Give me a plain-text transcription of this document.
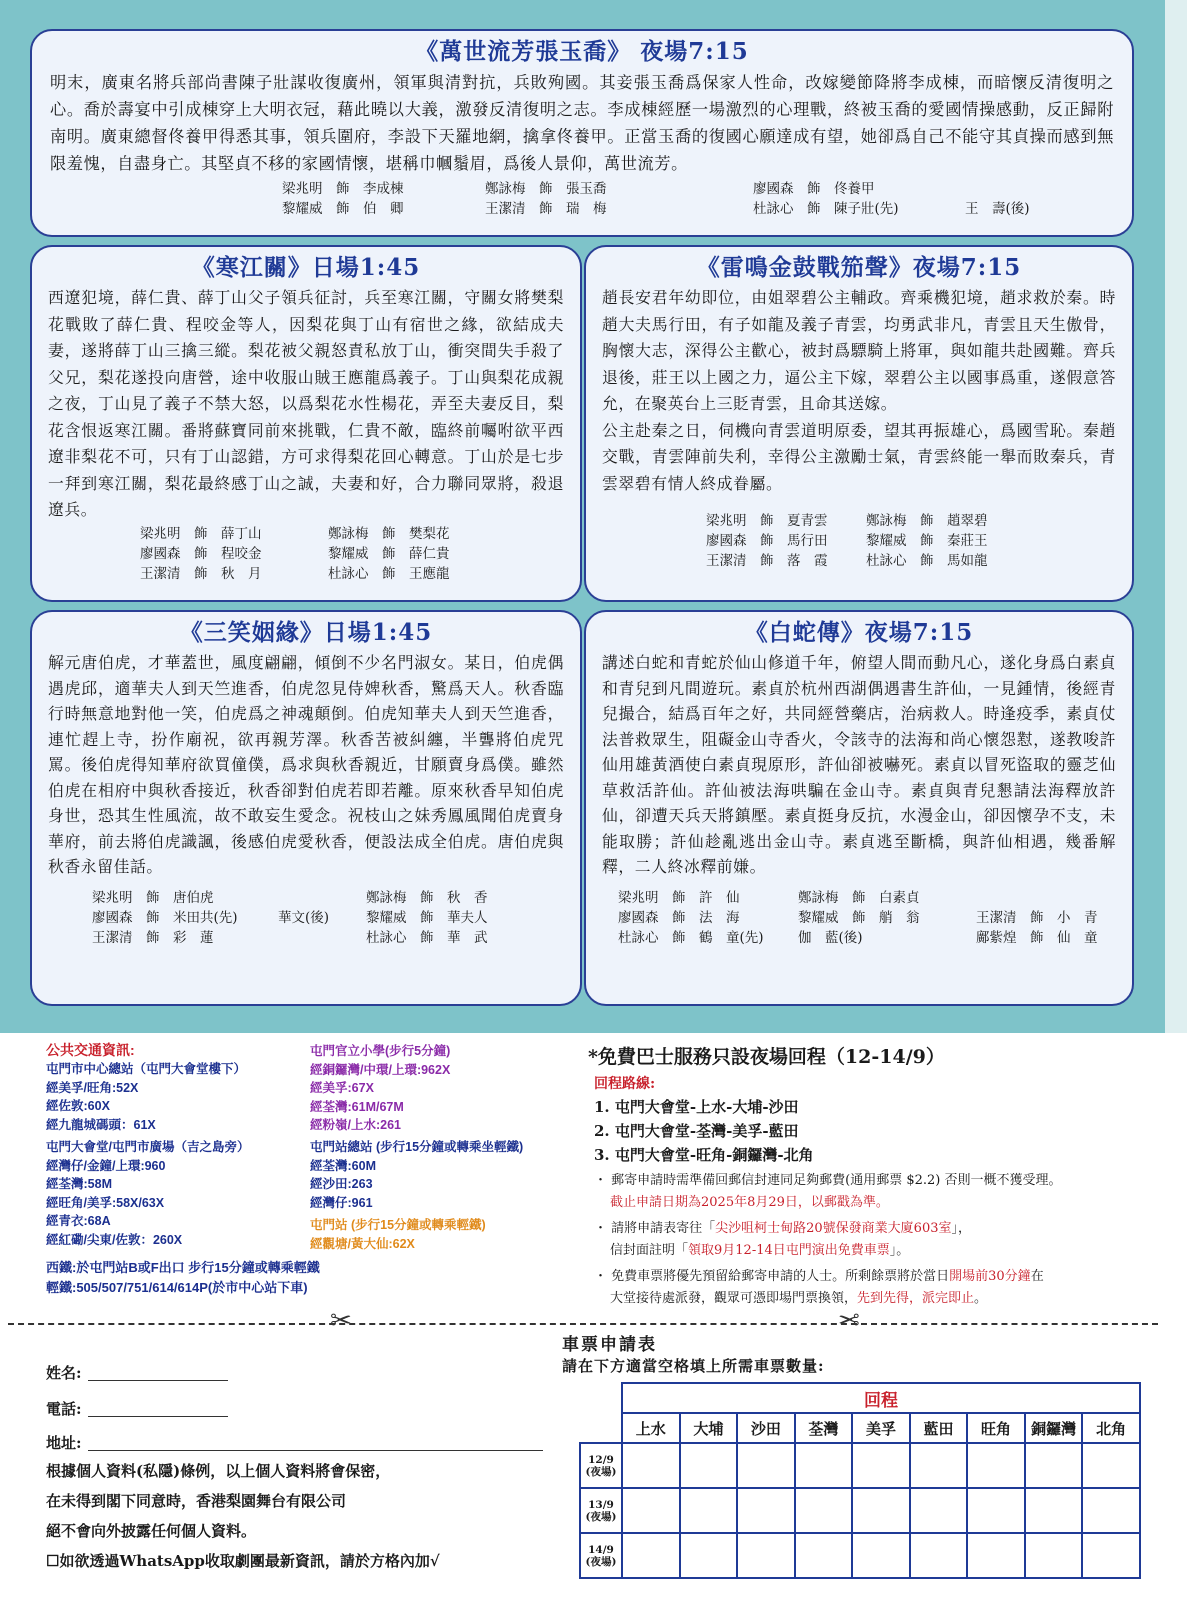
《萬世流芳張玉喬》 夜場7:15

明末，廣東名將兵部尚書陳子壯謀收復廣州，領軍與清對抗，兵敗殉國。其妾張玉喬爲保家人性命，改嫁變節降將李成棟，而暗懷反清復明之心。喬於壽宴中引成棟穿上大明衣冠，藉此曉以大義，激發反清復明之志。李成棟經歷一場激烈的心理戰，終被玉喬的愛國情操感動，反正歸附南明。廣東總督佟養甲得悉其事，領兵圍府，李設下天羅地網，擒拿佟養甲。正當玉喬的復國心願達成有望，她卻爲自己不能守其貞操而感到無限羞愧，自盡身亡。其堅貞不移的家國情懷，堪稱巾幗鬚眉，爲後人景仰，萬世流芳。

梁兆明　飾　李成棟	鄭詠梅　飾　張玉喬	廖國森　飾　佟養甲
黎耀威　飾　伯　卿	王潔清　飾　瑞　梅	杜詠心　飾　陳子壯(先)	王　壽(後)
《寒江關》日場1:45

西遼犯境，薛仁貴、薛丁山父子領兵征討，兵至寒江關，守關女將樊梨花戰敗了薛仁貴、程咬金等人，因梨花與丁山有宿世之緣，欲結成夫妻，遂將薛丁山三擒三縱。梨花被父親怒責私放丁山，衝突間失手殺了父兄，梨花遂投向唐營，途中收服山賊王應龍爲義子。丁山與梨花成親之夜，丁山見了義子不禁大怒，以爲梨花水性楊花，弄至夫妻反目，梨花含恨返寒江關。番將蘇寶同前來挑戰，仁貴不敵，臨終前囑咐欲平西遼非梨花不可，只有丁山認錯，方可求得梨花回心轉意。丁山於是七步一拜到寒江關，梨花最終感丁山之誠，夫妻和好，合力聯同眾將，殺退遼兵。

梁兆明　飾　薛丁山	鄭詠梅　飾　樊梨花
廖國森　飾　程咬金	黎耀威　飾　薛仁貴
王潔清　飾　秋　月	杜詠心　飾　王應龍
《雷鳴金鼓戰笳聲》夜場7:15

趙長安君年幼即位，由姐翠碧公主輔政。齊乘機犯境，趙求救於秦。時趙大夫馬行田，有子如龍及義子青雲，均勇武非凡，青雲且天生傲骨，胸懷大志，深得公主歡心，被封爲驃騎上將軍，與如龍共赴國難。齊兵退後，莊王以上國之力，逼公主下嫁，翠碧公主以國事爲重，遂假意答允，在聚英台上三貶青雲，且命其送嫁。

公主赴秦之日，伺機向青雲道明原委，望其再振雄心，爲國雪恥。秦趙交戰，青雲陣前失利，幸得公主激勵士氣，青雲終能一舉而敗秦兵，青雲翠碧有情人終成眷屬。

梁兆明　飾　夏青雲	鄭詠梅　飾　趙翠碧
廖國森　飾　馬行田	黎耀威　飾　秦莊王
王潔清　飾　落　霞	杜詠心　飾　馬如龍
《三笑姻緣》日場1:45

解元唐伯虎，才華蓋世，風度翩翩，傾倒不少名門淑女。某日，伯虎偶遇虎邱，適華夫人到天竺進香，伯虎忽見侍婢秋香，驚爲天人。秋香臨行時無意地對他一笑，伯虎爲之神魂顛倒。伯虎知華夫人到天竺進香，連忙趕上寺，扮作廟祝，欲再親芳澤。秋香苦被糾纏，半聾將伯虎咒罵。後伯虎得知華府欲買僮僕，爲求與秋香親近，甘願賣身爲僕。雖然伯虎在相府中與秋香接近，秋香卻對伯虎若即若離。原來秋香早知伯虎身世，恐其生性風流，故不敢妄生愛念。祝枝山之妹秀鳳風聞伯虎賣身華府，前去將伯虎識諷，後感伯虎愛秋香，便設法成全伯虎。唐伯虎與秋香永留佳話。

梁兆明　飾　唐伯虎	鄭詠梅　飾　秋　香
廖國森　飾　米田共(先)	華文(後)	黎耀威　飾　華夫人
王潔清　飾　彩　蓮	杜詠心　飾　華　武
《白蛇傳》夜場7:15

講述白蛇和青蛇於仙山修道千年，俯望人間而動凡心，遂化身爲白素貞和青兒到凡間遊玩。素貞於杭州西湖偶遇書生許仙，一見鍾情，後經青兒撮合，結爲百年之好，共同經營藥店，治病救人。時逢疫季，素貞仗法普救眾生，阻礙金山寺香火，令該寺的法海和尚心懷怨懟，遂教唆許仙用雄黃酒使白素貞現原形，許仙卻被嚇死。素貞以冒死盜取的靈芝仙草救活許仙。許仙被法海哄騙在金山寺。素貞與青兒懇請法海釋放許仙，卻遭天兵天將鎮壓。素貞挺身反抗，水漫金山，卻因懷孕不支，未能取勝；許仙趁亂逃出金山寺。素貞逃至斷橋，與許仙相遇，幾番解釋，二人終冰釋前嫌。

梁兆明　飾　許　仙	鄭詠梅　飾　白素貞
廖國森　飾　法　海	黎耀威　飾　艄　翁	王潔清　飾　小　青
杜詠心　飾　鶴　童(先)	伽　藍(後)	鄺紫煌　飾　仙　童
公共交通資訊:
屯門市中心總站（屯門大會堂樓下）
經美孚/旺角:52X
經佐敦:60X
經九龍城碼頭：61X
屯門大會堂/屯門市廣場（吉之島旁）
經灣仔/金鐘/上環:960
經荃灣:58M
經旺角/美孚:58X/63X
經青衣:68A
經紅磡/尖東/佐敦：260X
屯門官立小學(步行5分鐘)
經銅鑼灣/中環/上環:962X
經美孚:67X
經荃灣:61M/67M
經粉嶺/上水:261
屯門站總站 (步行15分鐘或轉乘坐輕鐵)
經荃灣:60M
經沙田:263
經灣仔:961
屯門站 (步行15分鐘或轉乘輕鐵)
經觀塘/黃大仙:62X
西鐵:於屯門站B或F出口 步行15分鐘或轉乘輕鐵
輕鐵:505/507/751/614/614P(於市中心站下車)
*免費巴士服務只設夜場回程（12-14/9）
回程路線:
1. 屯門大會堂-上水-大埔-沙田
2. 屯門大會堂-荃灣-美孚-藍田
3. 屯門大會堂-旺角-銅鑼灣-北角
・ 郵寄申請時需準備回郵信封連同足夠郵費(通用郵票 $2.2) 否則一概不獲受理。
截止申請日期為2025年8月29日，以郵戳為準。
・ 請將申請表寄往「尖沙咀柯士甸路20號保發商業大廈603室」，
信封面註明「領取9月12-14日屯門演出免費車票」。
・ 免費車票將優先預留給郵寄申請的人士。所剩餘票將於當日開場前30分鐘在
大堂接待處派發，觀眾可憑即場門票換領，先到先得，派完即止。
✂	✂
姓名:
電話:
地址:
根據個人資料(私隱)條例，以上個人資料將會保密，
在未得到閣下同意時，香港梨園舞台有限公司
絕不會向外披露任何個人資料。
☐如欲透過WhatsApp收取劇團最新資訊，請於方格內加√
車票申請表
請在下方適當空格填上所需車票數量:
	回程								
	上水	大埔	沙田	荃灣	美孚	藍田	旺角	銅鑼灣	北角

12/9
(夜場)									

13/9
(夜場)									

14/9
(夜場)									
